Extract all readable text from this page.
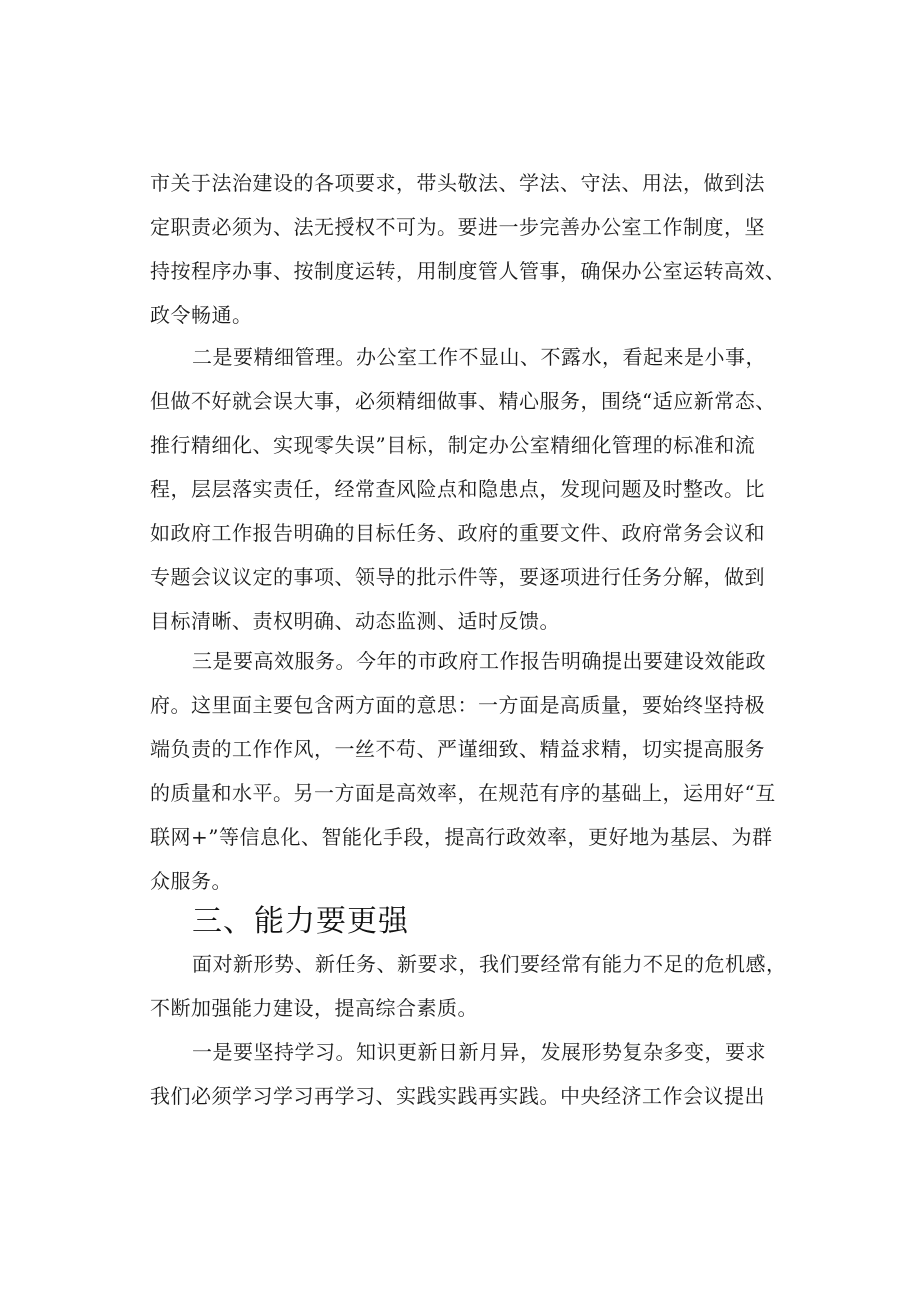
市关于法治建设的各项要求，带头敬法、学法、守法、用法，做到法
定职责必须为、法无授权不可为。要进一步完善办公室工作制度，坚
持按程序办事、按制度运转，用制度管人管事，确保办公室运转高效、
政令畅通。
二是要精细管理。办公室工作不显山、不露水，看起来是小事，
但做不好就会误大事，必须精细做事、精心服务，围绕“适应新常态、
推行精细化、实现零失误”目标，制定办公室精细化管理的标准和流
程，层层落实责任，经常查风险点和隐患点，发现问题及时整改。比
如政府工作报告明确的目标任务、政府的重要文件、政府常务会议和
专题会议议定的事项、领导的批示件等，要逐项进行任务分解，做到
目标清晰、责权明确、动态监测、适时反馈。
三是要高效服务。今年的市政府工作报告明确提出要建设效能政
府。这里面主要包含两方面的意思：一方面是高质量，要始终坚持极
端负责的工作作风，一丝不苟、严谨细致、精益求精，切实提高服务
的质量和水平。另一方面是高效率，在规范有序的基础上，运用好“互
联网+”等信息化、智能化手段，提高行政效率，更好地为基层、为群
众服务。
三、能力要更强
面对新形势、新任务、新要求，我们要经常有能力不足的危机感，
不断加强能力建设，提高综合素质。
一是要坚持学习。知识更新日新月异，发展形势复杂多变，要求
我们必须学习学习再学习、实践实践再实践。中央经济工作会议提出
